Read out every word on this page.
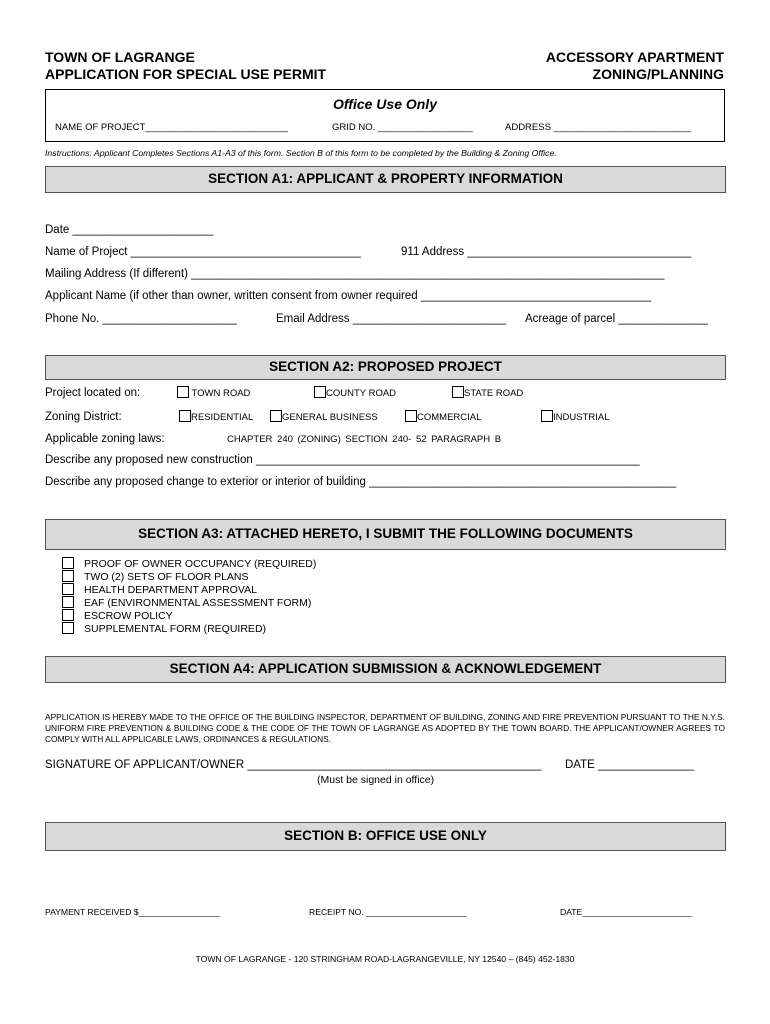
TOWN OF LAGRANGE
APPLICATION FOR SPECIAL USE PERMIT
ACCESSORY APARTMENT
ZONING/PLANNING
Office Use Only
NAME OF PROJECT___________________________	GRID NO. __________________	ADDRESS __________________________
Instructions: Applicant Completes Sections A1-A3 of this form. Section B of this form to be completed by the Building & Zoning Office.
SECTION A1: APPLICANT & PROPERTY INFORMATION
Date ______________________
Name of Project ____________________________________	911 Address ___________________________________
Mailing Address (If different) __________________________________________________________________________
Applicant Name (if other than owner, written consent from owner required ____________________________________
Phone No. _____________________	Email Address ________________________ Acreage of parcel ______________
SECTION A2: PROPOSED PROJECT
Project located on:	TOWN ROAD	COUNTY ROAD	STATE ROAD
Zoning District:	RESIDENTIAL	GENERAL BUSINESS	COMMERCIAL	INDUSTRIAL
Applicable zoning laws:	CHAPTER 240 (ZONING) SECTION 240- 52 PARAGRAPH B
Describe any proposed new construction ____________________________________________________________
Describe any proposed change to exterior or interior of building ________________________________________________
SECTION A3: ATTACHED HERETO, I SUBMIT THE FOLLOWING DOCUMENTS
PROOF OF OWNER OCCUPANCY (REQUIRED)
TWO (2) SETS OF FLOOR PLANS
HEALTH DEPARTMENT APPROVAL
EAF (ENVIRONMENTAL ASSESSMENT FORM)
ESCROW POLICY
SUPPLEMENTAL FORM (REQUIRED)
SECTION A4: APPLICATION SUBMISSION & ACKNOWLEDGEMENT
APPLICATION IS HEREBY MADE TO THE OFFICE OF THE BUILDING INSPECTOR, DEPARTMENT OF BUILDING, ZONING AND FIRE PREVENTION PURSUANT TO THE N.Y.S. UNIFORM FIRE PREVENTION & BUILDING CODE & THE CODE OF THE TOWN OF LAGRANGE AS ADOPTED BY THE TOWN BOARD. THE APPLICANT/OWNER AGREES TO COMPLY WITH ALL APPLICABLE LAWS, ORDINANCES & REGULATIONS.
SIGNATURE OF APPLICANT/OWNER ______________________________________________ DATE _______________
(Must be signed in office)
SECTION B: OFFICE USE ONLY
PAYMENT RECEIVED $_________________	RECEIPT NO. _____________________	DATE_______________________
TOWN OF LAGRANGE - 120 STRINGHAM ROAD-LAGRANGEVILLE, NY 12540 – (845) 452-1830
